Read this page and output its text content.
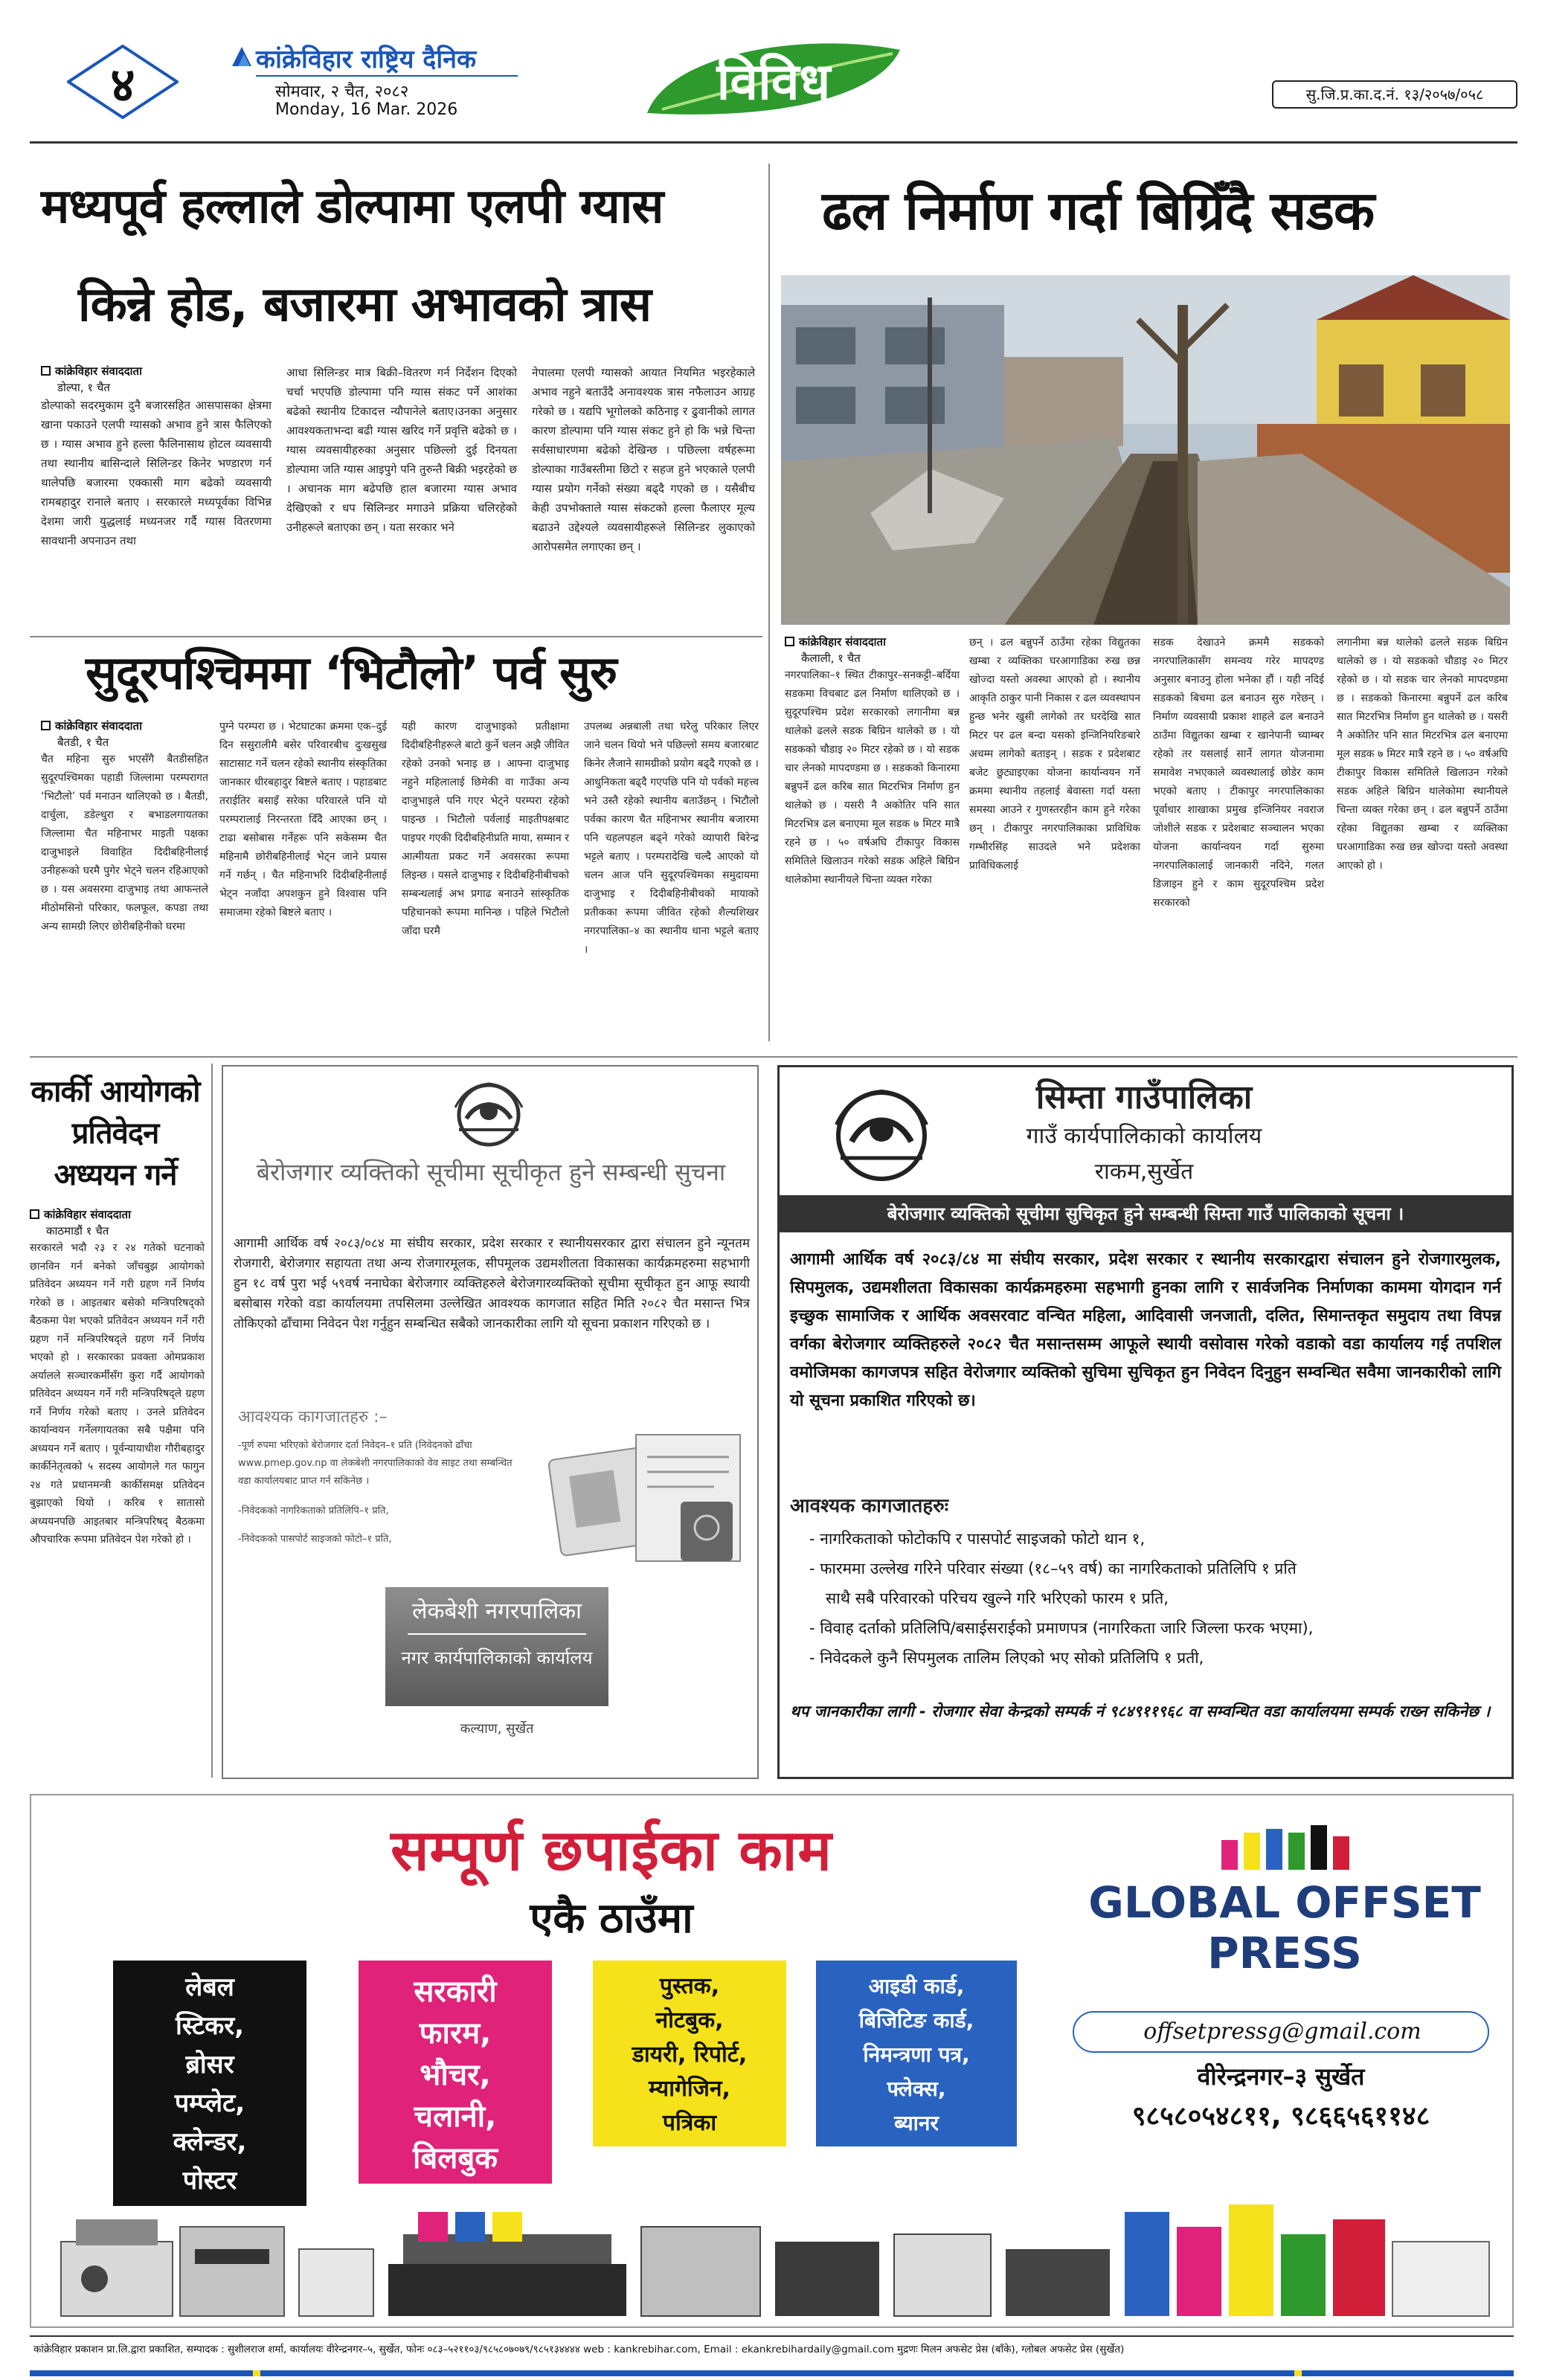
४	कांक्रेविहार राष्ट्रिय दैनिक
सोमवार, २ चैत, २०८२
Monday, 16 Mar. 2026	विविध	सु.जि.प्र.का.द.नं. १३/२०५७/०५८
मध्यपूर्व हल्लाले डोल्पामा एलपी ग्यास
किन्ने होड, बजारमा अभावको त्रास
कांक्रेविहार संवाददाता
डोल्पा, १ चैत
डोल्पाको सदरमुकाम दुनै बजारसहित आसपासका क्षेत्रमा खाना पकाउने एलपी ग्यासको अभाव हुने त्रास फैलिएको छ । ग्यास अभाव हुने हल्ला फैलिनासाथ होटल व्यवसायी तथा स्थानीय बासिन्दाले सिलिन्डर किनेर भण्डारण गर्न थालेपछि बजारमा एक्कासी माग बढेको व्यवसायी रामबहादुर रानाले बताए । सरकारले मध्यपूर्वका विभिन्न देशमा जारी युद्धलाई मध्यनजर गर्दै ग्यास वितरणमा सावधानी अपनाउन तथा
आधा सिलिन्डर मात्र बिक्री–वितरण गर्न निर्देशन दिएको चर्चा भएपछि डोल्पामा पनि ग्यास संकट पर्ने आशंका बढेको स्थानीय टिकादत्त न्यौपानेले बताए।उनका अनुसार आवश्यकताभन्दा बढी ग्यास खरिद गर्ने प्रवृत्ति बढेको छ । ग्यास व्यवसायीहरुका अनुसार पछिल्लो दुई दिनयता डोल्पामा जति ग्यास आइपुगे पनि तुरुन्तै बिक्री भइरहेको छ । अचानक माग बढेपछि हाल बजारमा ग्यास अभाव देखिएको र धप सिलिन्डर मगाउने प्रक्रिया चलिरहेको उनीहरूले बताएका छन् । यता सरकार भने
नेपालमा एलपी ग्यासको आयात नियमित भइरहेकाले अभाव नहुने बताउँदै अनावश्यक त्रास नफैलाउन आग्रह गरेको छ । यद्यपि भूगोलको कठिनाइ र ढुवानीको लागत कारण डोल्पामा पनि ग्यास संकट हुने हो कि भन्ने चिन्ता सर्वसाधारणमा बढेको देखिन्छ । पछिल्ला वर्षहरूमा डोल्पाका गाउँबस्तीमा छिटो र सहज हुने भएकाले एलपी ग्यास प्रयोग गर्नेको संख्या बढ्दै गएको छ । यसैबीच केही उपभोक्ताले ग्यास संकटको हल्ला फैलाएर मूल्य बढाउने उद्देश्यले व्यवसायीहरूले सिलिन्डर लुकाएको आरोपसमेत लगाएका छन् ।
ढल निर्माण गर्दा बिग्रिँदै सडक
कांक्रेविहार संवाददाता
कैलाली, १ चैत
नगरपालिका–१ स्थित टीकापुर–सनकट्टी–बर्दिया सडकमा विचबाट ढल निर्माण थालिएको छ । सुदूरपश्चिम प्रदेश सरकारको लगानीमा बन्न थालेको ढलले सडक बिग्रिन थालेको छ । यो सडकको चौडाइ २० मिटर रहेको छ । यो सडक चार लेनको मापदण्डमा छ । सडकको किनारमा बन्नुपर्ने ढल करिब सात मिटरभित्र निर्माण हुन थालेको छ । यसरी नै अकोतिर पनि सात मिटरभित्र ढल बनाएमा मूल सडक ७ मिटर मात्रै रहने छ । ५० वर्षअघि टीकापुर विकास समितिले खिलाउन गरेको सडक अहिले बिग्रिन थालेकोमा स्थानीयले चिन्ता व्यक्त गरेका
छन् । ढल बन्नुपर्ने ठाउँमा रहेका विद्युतका खम्बा र व्यक्तिका घरआगाडिका रुख छन्न खोज्दा यस्तो अवस्था आएको हो । स्थानीय आकृति ठाकुर पानी निकास र ढल व्यवस्थापन हुन्छ भनेर खुसी लागेको तर घरदेखि सात मिटर पर ढल बन्दा यसको इन्जिनियरिङबारे अचम्म लागेको बताइन् । सडक र प्रदेशबाट बजेट छुट्याइएका योजना कार्यान्वयन गर्ने क्रममा स्थानीय तहलाई बेवास्ता गर्दा यस्ता समस्या आउने र गुणस्तरहीन काम हुने गरेका छन् । टीकापुर नगरपालिकाका प्राविधिक गम्भीरसिंह साउदले भने प्रदेशका प्राविधिकलाई
सडक देखाउने क्रममै सडकको नगरपालिकासँग समन्वय गरेर मापदण्ड अनुसार बनाउनु होला भनेका हौं । यही नदिई सडकको बिचमा ढल बनाउन सुरु गरेछन् । निर्माण व्यवसायी प्रकाश शाहले ढल बनाउने ठाउँमा विद्युतका खम्बा र खानेपानी च्याम्बर रहेको तर यसलाई सार्ने लागत योजनामा समावेश नभएकाले व्यवस्थालाई छोडेर काम भएको बताए । टीकापुर नगरपालिकाका पूर्वाधार शाखाका प्रमुख इन्जिनियर नवराज जोशीले सडक र प्रदेशबाट सञ्चालन भएका योजना कार्यान्वयन गर्दा सुरुमा नगरपालिकालाई जानकारी नदिने, गलत डिजाइन हुने र काम सुदूरपश्चिम प्रदेश सरकारको
लगानीमा बन्न थालेको ढलले सडक बिग्रिन थालेको छ । यो सडकको चौडाइ २० मिटर रहेको छ । यो सडक चार लेनको मापदण्डमा छ । सडकको किनारमा बन्नुपर्ने ढल करिब सात मिटरभित्र निर्माण हुन थालेको छ । यसरी नै अकोतिर पनि सात मिटरभित्र ढल बनाएमा मूल सडक ७ मिटर मात्रै रहने छ । ५० वर्षअघि टीकापुर विकास समितिले खिलाउन गरेको सडक अहिले बिग्रिन थालेकोमा स्थानीयले चिन्ता व्यक्त गरेका छन् । ढल बन्नुपर्ने ठाउँमा रहेका विद्युतका खम्बा र व्यक्तिका घरआगाडिका रुख छन्न खोज्दा यस्तो अवस्था आएको हो ।
सुदूरपश्चिममा ‘भिटौलो’ पर्व सुरु
कांक्रेविहार संवाददाता
बैतडी, १ चैत
चैत महिना सुरु भएसँगै बैतडीसहित सुदूरपश्चिमका पहाडी जिल्लामा परम्परागत ‘भिटौलो’ पर्व मनाउन थालिएको छ । बैतडी, दार्चुला, डडेल्धुरा र बभाडलगायतका जिल्लामा चैत महिनाभर माइती पक्षका दाजुभाइले विवाहित दिदीबहिनीलाई उनीहरूको घरमै पुगेर भेट्ने चलन रहिआएको छ । यस अवसरमा दाजुभाइ तथा आफन्तले मीठोमसिनो परिकार, फलफूल, कपडा तथा अन्य सामग्री लिएर छोरीबहिनीको घरमा
पुग्ने परम्परा छ । भेटघाटका क्रममा एक–दुई दिन ससुरालीमै बसेर परिवारबीच दुःखसुख साटासाट गर्ने चलन रहेको स्थानीय संस्कृतिका जानकार धीरबहादुर बिष्टले बताए । पहाडबाट तराईतिर बसाइँ सरेका परिवारले पनि यो परम्परालाई निरन्तरता दिँदै आएका छन् । टाढा बसोबास गर्नेहरू पनि सकेसम्म चैत महिनामै छोरीबहिनीलाई भेट्न जाने प्रयास गर्ने गर्छन् । चैत महिनाभरि दिदीबहिनीलाई भेट्न नजाँदा अपशकुन हुने विश्वास पनि समाजमा रहेको बिष्टले बताए ।
यही कारण दाजुभाइको प्रतीक्षामा दिदीबहिनीहरूले बाटो कुर्ने चलन अझै जीवित रहेको उनको भनाइ छ । आफ्ना दाजुभाइ नहुने महिलालाई छिमेकी वा गाउँका अन्य दाजुभाइले पनि गएर भेट्ने परम्परा रहेको पाइन्छ । भिटौलो पर्वलाई माइतीपक्षबाट पाइपर गएकी दिदीबहिनीप्रति माया, सम्मान र आत्मीयता प्रकट गर्ने अवसरका रूपमा लिइन्छ । यसले दाजुभाइ र दिदीबहिनीबीचको सम्बन्धलाई अभ प्रगाढ बनाउने सांस्कृतिक पहिचानको रूपमा मानिन्छ । पहिले भिटौलो जाँदा घरमै
उपलब्ध अन्नबाली तथा घरेलु परिकार लिएर जाने चलन थियो भने पछिल्लो समय बजारबाट किनेर लैजाने सामग्रीको प्रयोग बढ्दै गएको छ । आधुनिकता बढ्दै गएपछि पनि यो पर्वको महत्त्व भने उस्तै रहेको स्थानीय बताउँछन् । भिटौलो पर्वका कारण चैत महिनाभर स्थानीय बजारमा पनि चहलपहल बढ्ने गरेको व्यापारी बिरेन्द्र भट्टले बताए । परम्परादेखि चल्दै आएको यो चलन आज पनि सुदूरपश्चिमका समुदायमा दाजुभाइ र दिदीबहिनीबीचको मायाको प्रतीकका रूपमा जीवित रहेको शैल्यशिखर नगरपालिका–४ का स्थानीय धाना भट्टले बताए ।
कार्की आयोगको प्रतिवेदन अध्ययन गर्ने
कांक्रेविहार संवाददाता
काठमाडौं १ चैत
सरकारले भदौ २३ र २४ गतेको घटनाको छानविन गर्न बनेको जाँचबुझ आयोगको प्रतिवेदन अध्ययन गर्ने गरी ग्रहण गर्ने निर्णय गरेको छ । आइतबार बसेको मन्त्रिपरिषद्को बैठकमा पेश भएको प्रतिवेदन अध्ययन गर्ने गरी ग्रहण गर्ने मन्त्रिपरिषद्ले ग्रहण गर्ने निर्णय भएको हो । सरकारका प्रवक्ता ओमप्रकाश अर्यालले सञ्चारकर्मीसँग कुरा गर्दै आयोगको प्रतिवेदन अध्ययन गर्ने गरी मन्त्रिपरिषद्ले ग्रहण गर्ने निर्णय गरेको बताए । उनले प्रतिवेदन कार्यान्वयन गर्नेलगायतका सबै पक्षैमा पनि अध्ययन गर्ने बताए । पूर्वन्यायाधीश गौरीबहादुर कार्कीनेतृत्वको ५ सदस्य आयोगले गत फागुन २४ गते प्रधानमन्त्री कार्कीसमक्ष प्रतिवेदन बुझाएको थियो । करिब १ सातासो अध्ययनपछि आइतबार मन्त्रिपरिषद् बैठकमा औपचारिक रूपमा प्रतिवेदन पेश गरेको हो ।
बेरोजगार व्यक्तिको सूचीमा सूचीकृत हुने सम्बन्धी सुचना
आगामी आर्थिक वर्ष २०८३/०८४ मा संघीय सरकार, प्रदेश सरकार र स्थानीयसरकार द्वारा संचालन हुने न्यूनतम रोजगारी, बेरोजगार सहायता तथा अन्य रोजगारमूलक, सीपमूलक उद्यमशीलता विकासका कार्यक्रमहरुमा सहभागी हुन १८ वर्ष पुरा भई ५९वर्ष ननाघेका बेरोजगार व्यक्तिहरुले बेरोजगारव्यक्तिको सूचीमा सूचीकृत हुन आफू स्थायी बसोबास गरेको वडा कार्यालयमा तपसिलमा उल्लेखित आवश्यक कागजात सहित मिति २०८२ चैत मसान्त भित्र तोकिएको ढाँचामा निवेदन पेश गर्नुहुन सम्बन्धित सबैको जानकारीका लागि यो सूचना प्रकाशन गरिएको छ ।
आवश्यक कागजातहरु :–
-पूर्ण रुपमा भरिएको बेरोजगार दर्ता निवेदन–१ प्रति (निवेदनको ढाँचा www.pmep.gov.np वा लेकबेशी नगरपालिकाको वेव साइट तथा सम्बन्धित वडा कार्यालयबाट प्राप्त गर्न सकिनेछ ।
-निवेदकको नागरिकताको प्रतिलिपि–१ प्रति,
-निवेदकको पासपोर्ट साइजको फोटो–१ प्रति,
लेकबेशी नगरपालिका
नगर कार्यपालिकाको कार्यालय
कल्याण, सुर्खेत
सिम्ता गाउँपालिका
गाउँ कार्यपालिकाको कार्यालय
राकम,सुर्खेत
बेरोजगार व्यक्तिको सूचीमा सुचिकृत हुने सम्बन्धी सिम्ता गाउँ पालिकाको सूचना ।
आगामी आर्थिक वर्ष २०८३/८४ मा संघीय सरकार, प्रदेश सरकार र स्थानीय सरकारद्वारा संचालन हुने रोजगारमुलक, सिपमुलक, उद्यमशीलता विकासका कार्यक्रमहरुमा सहभागी हुनका लागि र सार्वजनिक निर्माणका काममा योगदान गर्न इच्छुक सामाजिक र आर्थिक अवसरवाट वन्चित महिला, आदिवासी जनजाती, दलित, सिमान्तकृत समुदाय तथा विपन्न वर्गका बेरोजगार व्यक्तिहरुले २०८२ चैत मसान्तसम्म आफूले स्थायी वसोवास गरेको वडाको वडा कार्यालय गई तपशिल वमोजिमका कागजपत्र सहित वेरोजगार व्यक्तिको सुचिमा सुचिकृत हुन निवेदन दिनुहुन सम्वन्धित सवैमा जानकारीको लागि यो सूचना प्रकाशित गरिएको छ।
आवश्यक कागजातहरुः
- नागरिकताको फोटोकपि र पासपोर्ट साइजको फोटो थान १,
- फारममा उल्लेख गरिने परिवार संख्या (१८–५९ वर्ष) का नागरिकताको प्रतिलिपि १ प्रति
साथै सबै परिवारको परिचय खुल्ने गरि भरिएको फारम १ प्रति,
- विवाह दर्ताको प्रतिलिपि/बसाईसराईको प्रमाणपत्र (नागरिकता जारि जिल्ला फरक भएमा),
- निवेदकले कुनै सिपमुलक तालिम लिएको भए सोको प्रतिलिपि १ प्रती,
थप जानकारीका लागी - रोजगार सेवा केन्द्रको सम्पर्क नं ९८४९११९६८ वा सम्वन्धित वडा कार्यालयमा सम्पर्क राख्न सकिनेछ ।
सम्पूर्ण छपाईका काम
एकै ठाउँमा
लेबल
स्टिकर,
ब्रोसर
पम्प्लेट,
क्लेन्डर,
पोस्टर
सरकारी
फारम,
भौचर,
चलानी,
बिलबुक
पुस्तक,
नोटबुक,
डायरी, रिपोर्ट,
म्यागेजिन,
पत्रिका
आइडी कार्ड,
बिजिटिङ कार्ड,
निमन्त्रणा पत्र,
फ्लेक्स,
ब्यानर
GLOBAL OFFSET
PRESS
offsetpressg@gmail.com
वीरेन्द्रनगर–३ सुर्खेत
९८५८०५४८११, ९८६६५६११४८
कांक्रेविहार प्रकाशन प्रा.लि.द्वारा प्रकाशित, सम्पादक : सुशीलराज शर्मा, कार्यालयः वीरेन्द्रनगर–५, सुर्खेत, फोनः ०८३–५२११०३/९८५८०७०७९/९८५१३४४४४ web : kankrebihar.com, Email : ekankrebihardaily@gmail.com मुद्रणः मिलन अफसेट प्रेस (बाँके), ग्लोबल अफसेट प्रेस (सुर्खेत)
